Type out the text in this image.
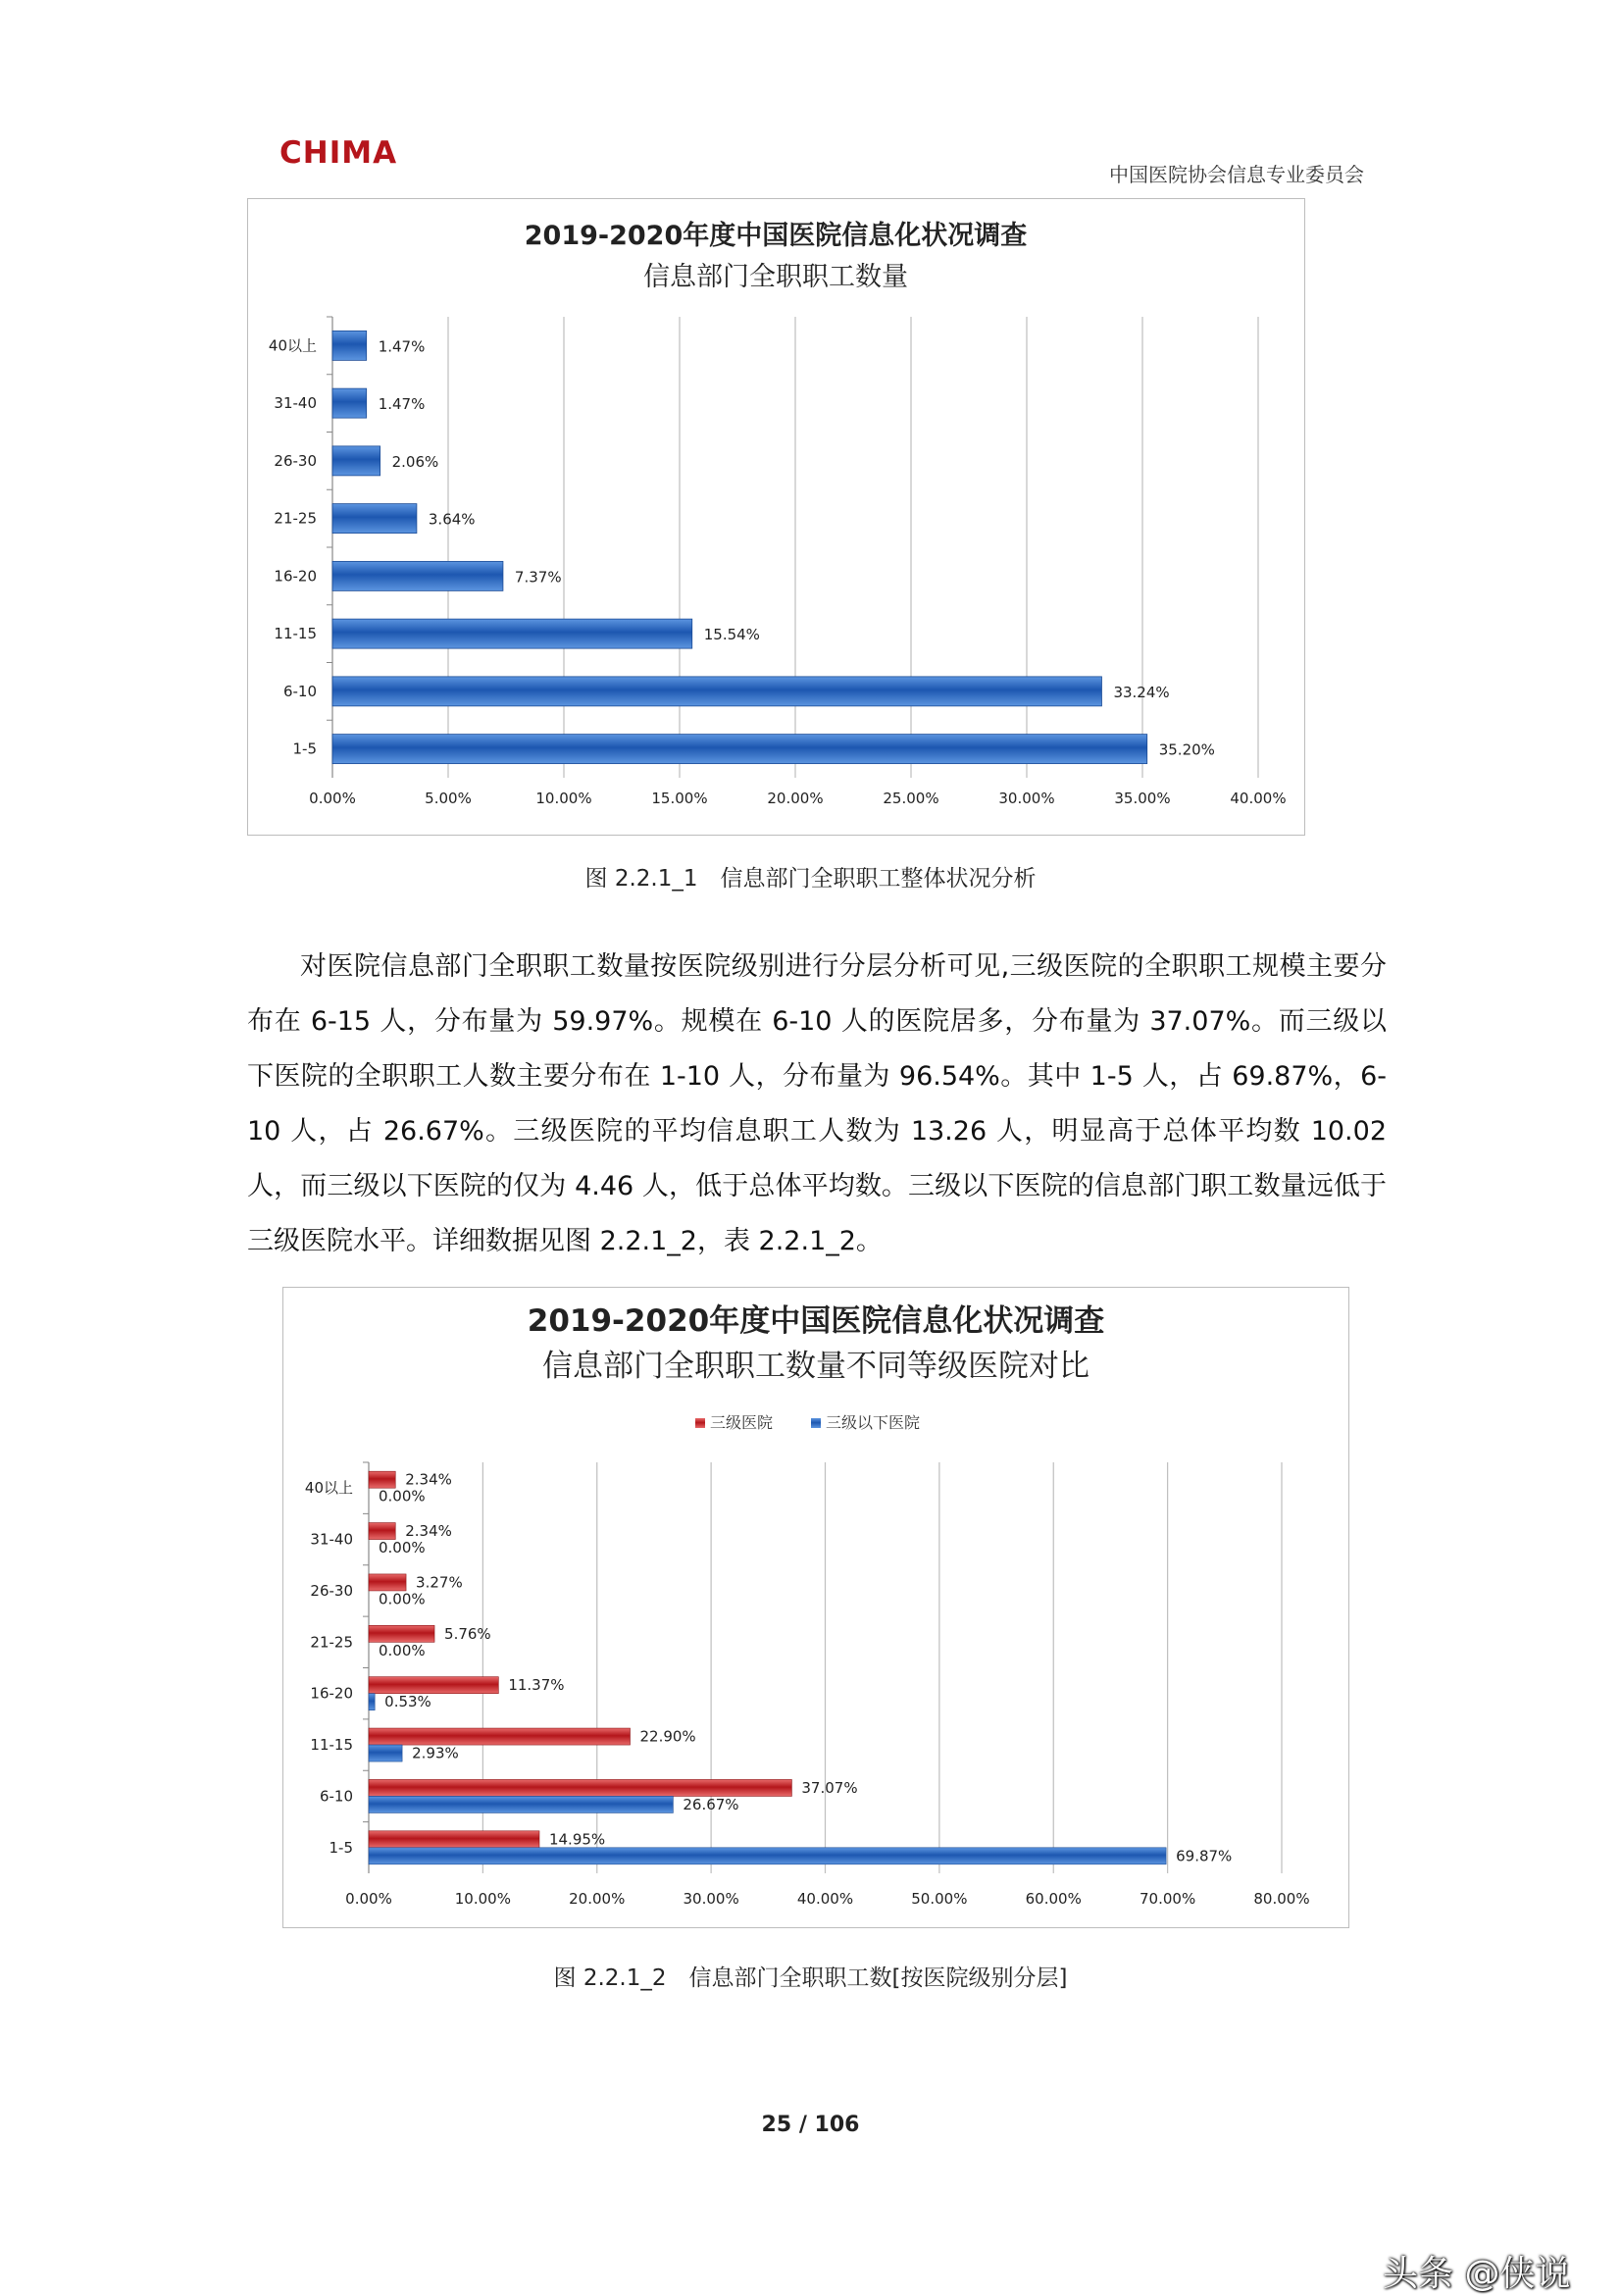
CHIMA
中国医院协会信息专业委员会
2019-2020年度中国医院信息化状况调查
信息部门全职职工数量
0.00%	5.00%	10.00%	15.00%	20.00%	25.00%	30.00%	35.00%	40.00%
40以上	1.47%
31-40	1.47%
26-30	2.06%
21-25	3.64%
16-20	7.37%
11-15	15.54%
6-10	33.24%
1-5	35.20%
图 2.2.1_1　信息部门全职职工整体状况分析

对医院信息部门全职职工数量按医院级别进行分层分析可见,三级医院的全职职工规模主要分布在 6-15 人，分布量为 59.97%。规模在 6-10 人的医院居多，分布量为 37.07%。而三级以下医院的全职职工人数主要分布在 1-10 人，分布量为 96.54%。其中 1-5 人，占 69.87%，6-10 人，占 26.67%。三级医院的平均信息职工人数为 13.26 人，明显高于总体平均数 10.02 人，而三级以下医院的仅为 4.46 人，低于总体平均数。三级以下医院的信息部门职工数量远低于三级医院水平。详细数据见图 2.2.1_2，表 2.2.1_2。

2019-2020年度中国医院信息化状况调查
信息部门全职职工数量不同等级医院对比
三级医院	三级以下医院
0.00%	10.00%	20.00%	30.00%	40.00%	50.00%	60.00%	70.00%	80.00%
40以上	2.34%
0.00%
31-40	2.34%
0.00%
26-30	3.27%
0.00%
21-25	5.76%
0.00%
16-20	11.37%
0.53%
11-15	22.90%
2.93%
6-10	37.07%
26.67%
1-5	14.95%
69.87%
图 2.2.1_2　信息部门全职职工数[按医院级别分层]
25 / 106
头条 @侠说
